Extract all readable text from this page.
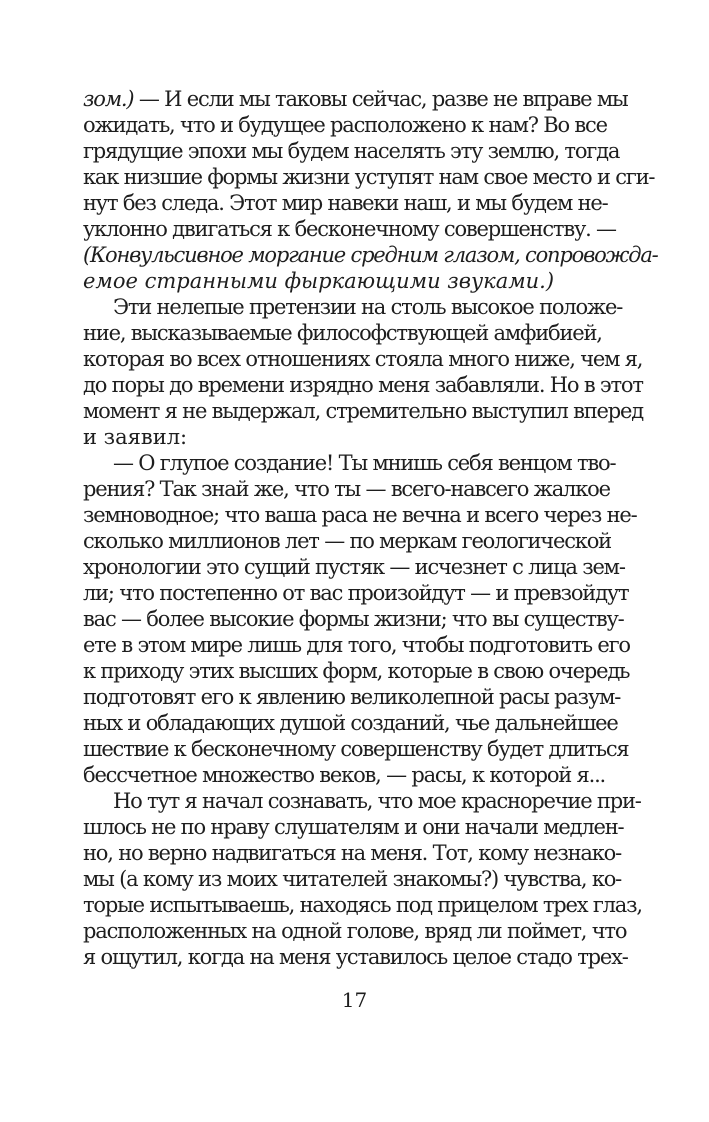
зом.) — И если мы таковы сейчас, разве не вправе мы
ожидать, что и будущее расположено к нам? Во все
грядущие эпохи мы будем населять эту землю, тогда
как низшие формы жизни уступят нам свое место и сги-
нут без следа. Этот мир навеки наш, и мы будем не-
уклонно двигаться к бесконечному совершенству. —
(Конвульсивное моргание средним глазом, сопровожда-
емое странными фыркающими звуками.)
Эти нелепые претензии на столь высокое положе-
ние, высказываемые философствующей амфибией,
которая во всех отношениях стояла много ниже, чем я,
до поры до времени изрядно меня забавляли. Но в этот
момент я не выдержал, стремительно выступил вперед
и заявил:
— О глупое создание! Ты мнишь себя венцом тво-
рения? Так знай же, что ты — всего-навсего жалкое
земноводное; что ваша раса не вечна и всего через не-
сколько миллионов лет — по меркам геологической
хронологии это сущий пустяк — исчезнет с лица зем-
ли; что постепенно от вас произойдут — и превзойдут
вас — более высокие формы жизни; что вы существу-
ете в этом мире лишь для того, чтобы подготовить его
к приходу этих высших форм, которые в свою очередь
подготовят его к явлению великолепной расы разум-
ных и обладающих душой созданий, чье дальнейшее
шествие к бесконечному совершенству будет длиться
бессчетное множество веков, — расы, к которой я...
Но тут я начал сознавать, что мое красноречие при-
шлось не по нраву слушателям и они начали медлен-
но, но верно надвигаться на меня. Тот, кому незнако-
мы (а кому из моих читателей знакомы?) чувства, ко-
торые испытываешь, находясь под прицелом трех глаз,
расположенных на одной голове, вряд ли поймет, что
я ощутил, когда на меня уставилось целое стадо трех-
17
